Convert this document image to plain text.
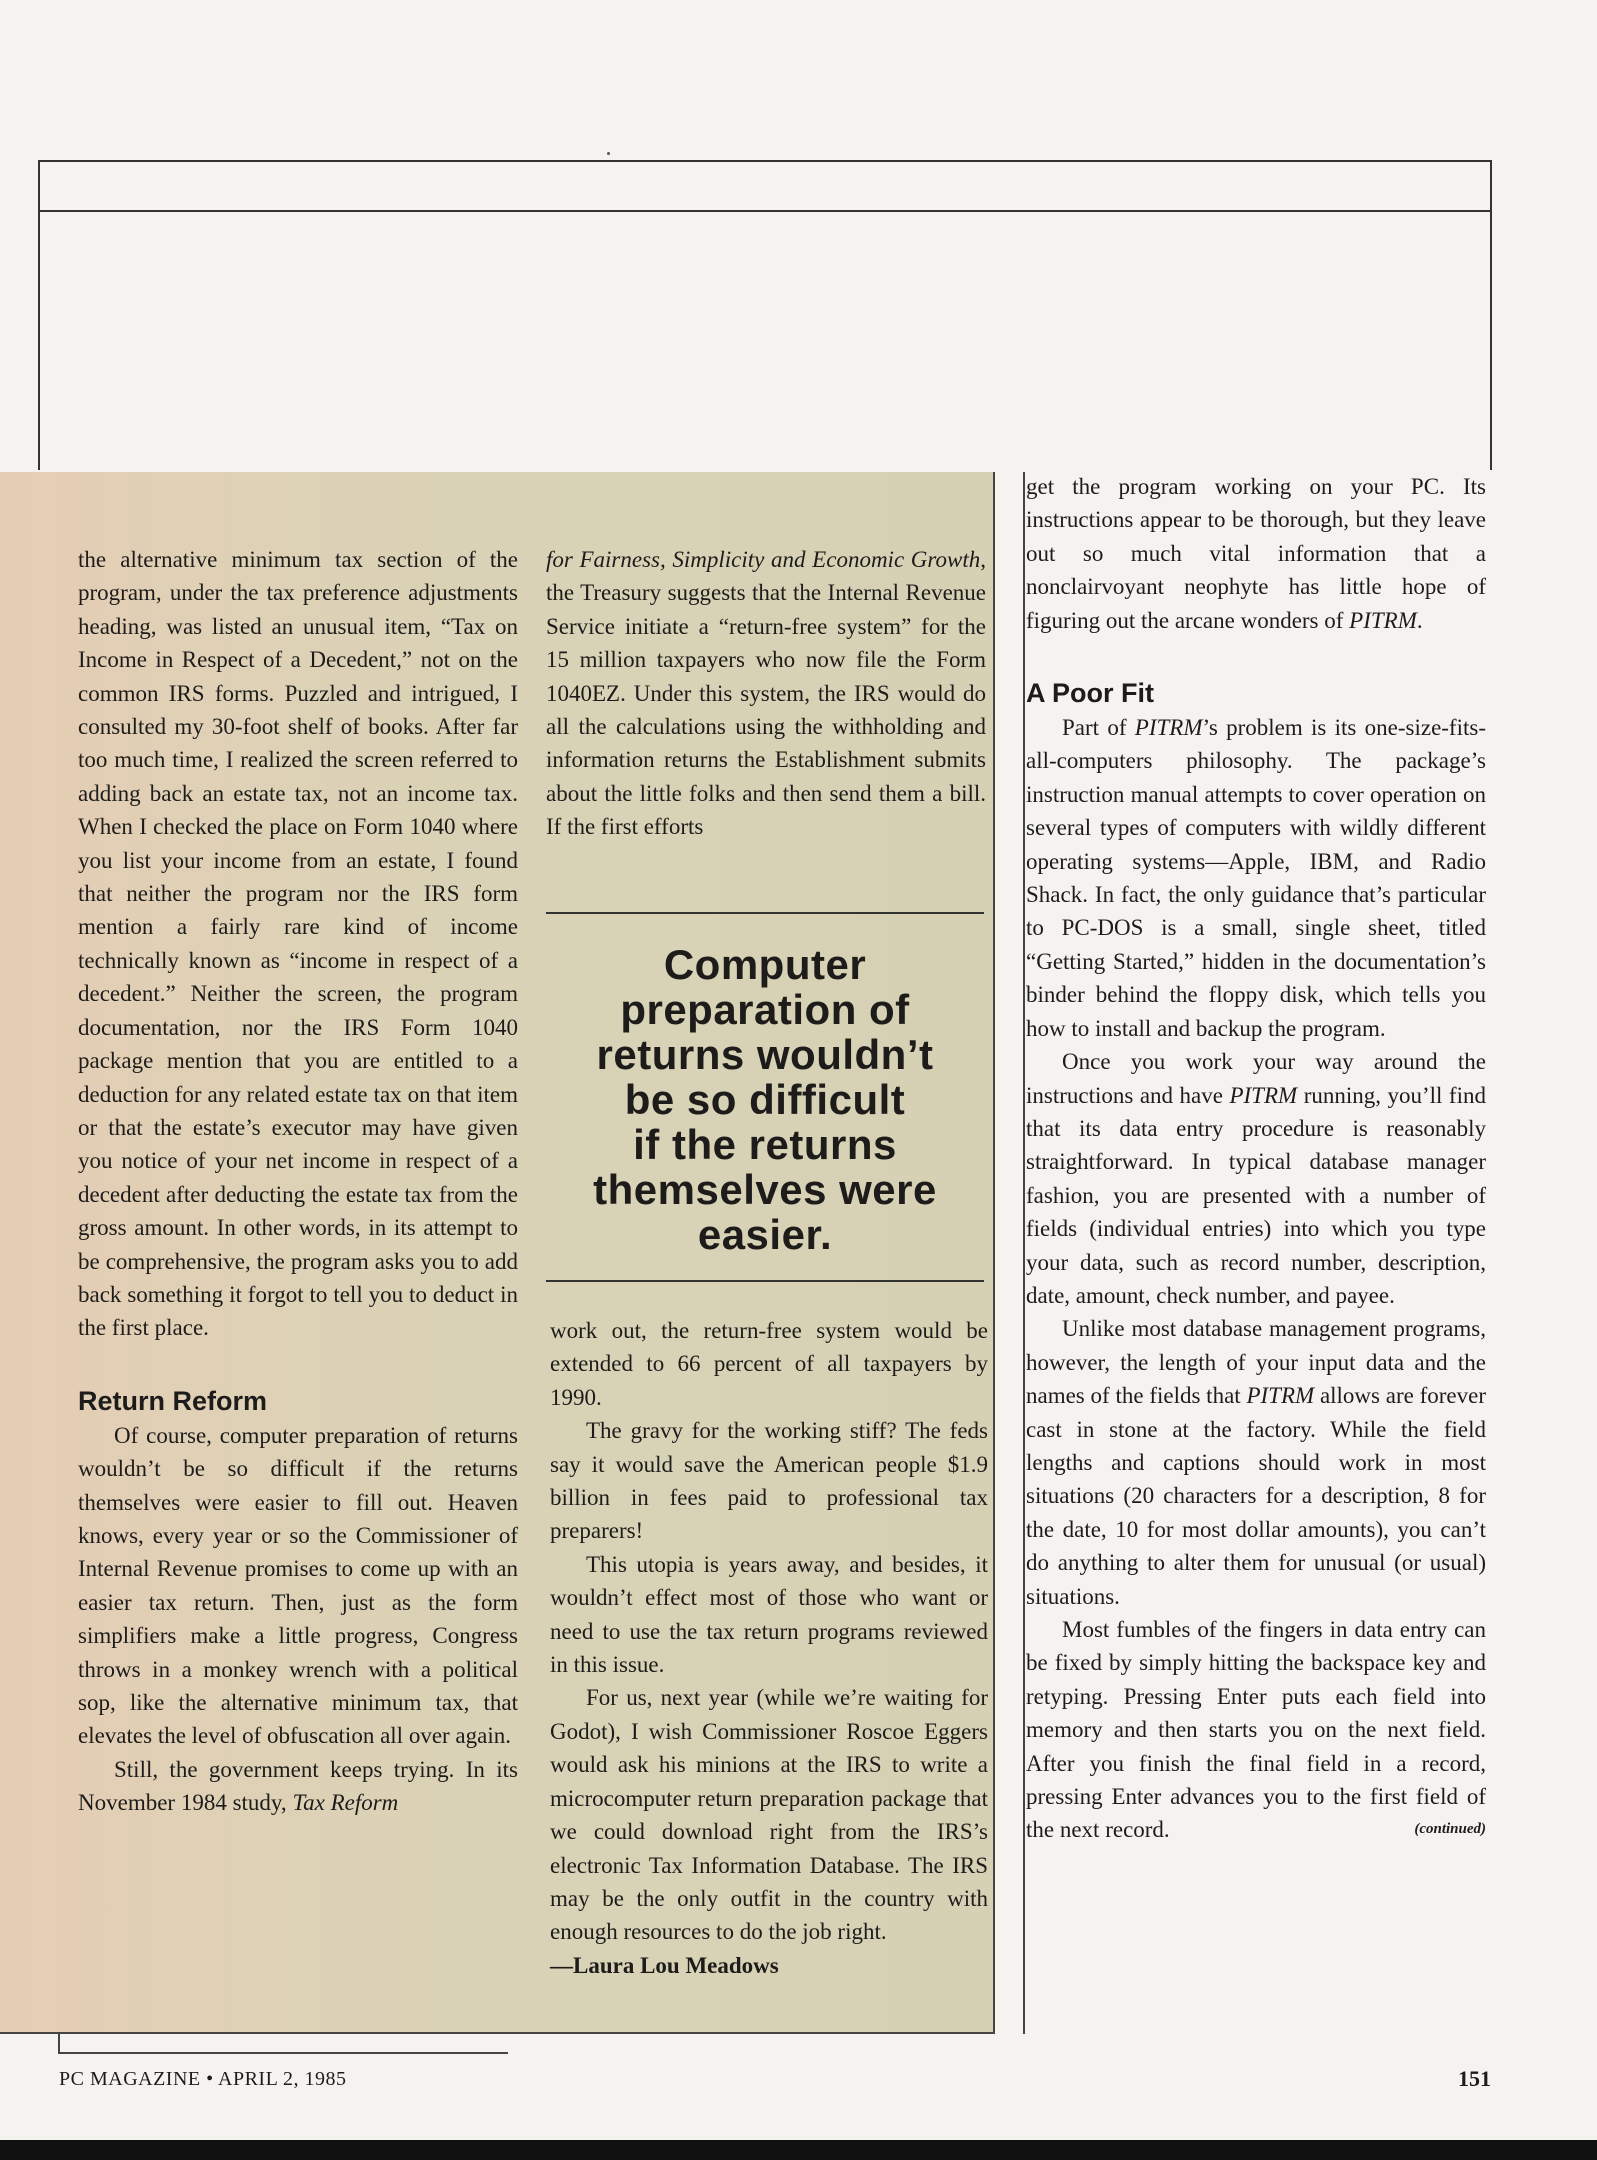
the alternative minimum tax section of the program, under the tax preference adjustments heading, was listed an unusual item, “Tax on Income in Respect of a Decedent,” not on the common IRS forms. Puzzled and intrigued, I consulted my 30-foot shelf of books. After far too much time, I realized the screen referred to adding back an estate tax, not an income tax. When I checked the place on Form 1040 where you list your income from an estate, I found that neither the program nor the IRS form mention a fairly rare kind of income technically known as “income in respect of a decedent.” Neither the screen, the program documentation, nor the IRS Form 1040 package mention that you are entitled to a deduction for any related estate tax on that item or that the estate’s executor may have given you notice of your net income in respect of a decedent after deducting the estate tax from the gross amount. In other words, in its attempt to be comprehensive, the program asks you to add back something it forgot to tell you to deduct in the first place.

Return Reform

Of course, computer preparation of returns wouldn’t be so difficult if the returns themselves were easier to fill out. Heaven knows, every year or so the Commissioner of Internal Revenue promises to come up with an easier tax return. Then, just as the form simplifiers make a little progress, Congress throws in a monkey wrench with a political sop, like the alternative minimum tax, that elevates the level of obfuscation all over again.

Still, the government keeps trying. In its November 1984 study, Tax Reform

for Fairness, Simplicity and Economic Growth, the Treasury suggests that the Internal Revenue Service initiate a “return-free system” for the 15 million taxpayers who now file the Form 1040EZ. Under this system, the IRS would do all the calculations using the withholding and information returns the Establishment submits about the little folks and then send them a bill. If the first efforts

Computer
preparation of
returns wouldn’t
be so difficult
if the returns
themselves were
easier.

work out, the return-free system would be extended to 66 percent of all taxpayers by 1990.

The gravy for the working stiff? The feds say it would save the American people $1.9 billion in fees paid to professional tax preparers!

This utopia is years away, and besides, it wouldn’t effect most of those who want or need to use the tax return programs reviewed in this issue.

For us, next year (while we’re waiting for Godot), I wish Commissioner Roscoe Eggers would ask his minions at the IRS to write a microcomputer return preparation package that we could download right from the IRS’s electronic Tax Information Database. The IRS may be the only outfit in the country with enough resources to do the job right.

—Laura Lou Meadows

get the program working on your PC. Its instructions appear to be thorough, but they leave out so much vital information that a nonclairvoyant neophyte has little hope of figuring out the arcane wonders of PITRM.

A Poor Fit

Part of PITRM’s problem is its one-size-fits-all-computers philosophy. The package’s instruction manual attempts to cover operation on several types of computers with wildly different operating systems—Apple, IBM, and Radio Shack. In fact, the only guidance that’s particular to PC-DOS is a small, single sheet, titled “Getting Started,” hidden in the documentation’s binder behind the floppy disk, which tells you how to install and backup the program.

Once you work your way around the instructions and have PITRM running, you’ll find that its data entry procedure is reasonably straightforward. In typical database manager fashion, you are presented with a number of fields (individual entries) into which you type your data, such as record number, description, date, amount, check number, and payee.

Unlike most database management programs, however, the length of your input data and the names of the fields that PITRM allows are forever cast in stone at the factory. While the field lengths and captions should work in most situations (20 characters for a description, 8 for the date, 10 for most dollar amounts), you can’t do anything to alter them for unusual (or usual) situations.

Most fumbles of the fingers in data entry can be fixed by simply hitting the backspace key and retyping. Pressing Enter puts each field into memory and then starts you on the next field. After you finish the final field in a record, pressing Enter advances you to the first field of the next record.	(continued)

PC MAGAZINE • APRIL 2, 1985	151
